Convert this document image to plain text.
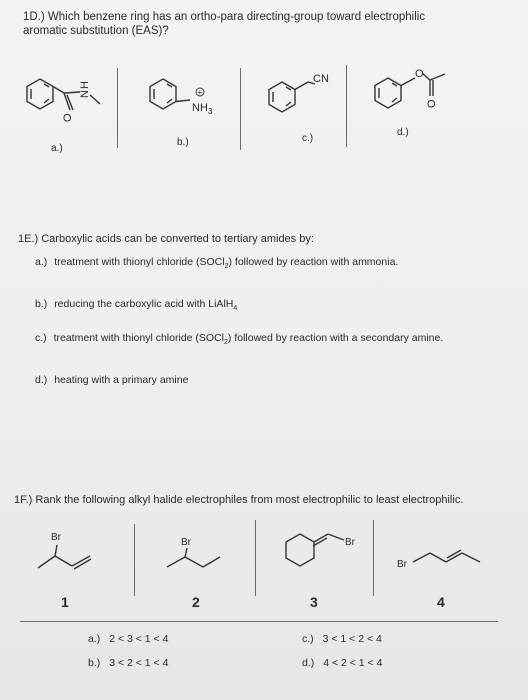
1D.) Which benzene ring has an ortho-para directing-group toward electrophilic
aromatic substitution (EAS)?
H
N
O
+
NH 3
CN	O
O
a.)
b.)	c.)
d.)
1E.) Carboxylic acids can be converted to tertiary amides by:
a.) treatment with thionyl chloride (SOCl$_2$) followed by reaction with ammonia.
b.) reducing the carboxylic acid with LiAlH$_4$
c.) treatment with thionyl chloride (SOCl$_2$) followed by reaction with a secondary amine.
d.) heating with a primary amine
1F.) Rank the following alkyl halide electrophiles from most electrophilic to least electrophilic.
Br	Br	Br
Br
1	2	3	4
a.) 2 < 3 < 1 < 4
b.) 3 < 2 < 1 < 4
c.) 3 < 1 < 2 < 4
d.) 4 < 2 < 1 < 4
